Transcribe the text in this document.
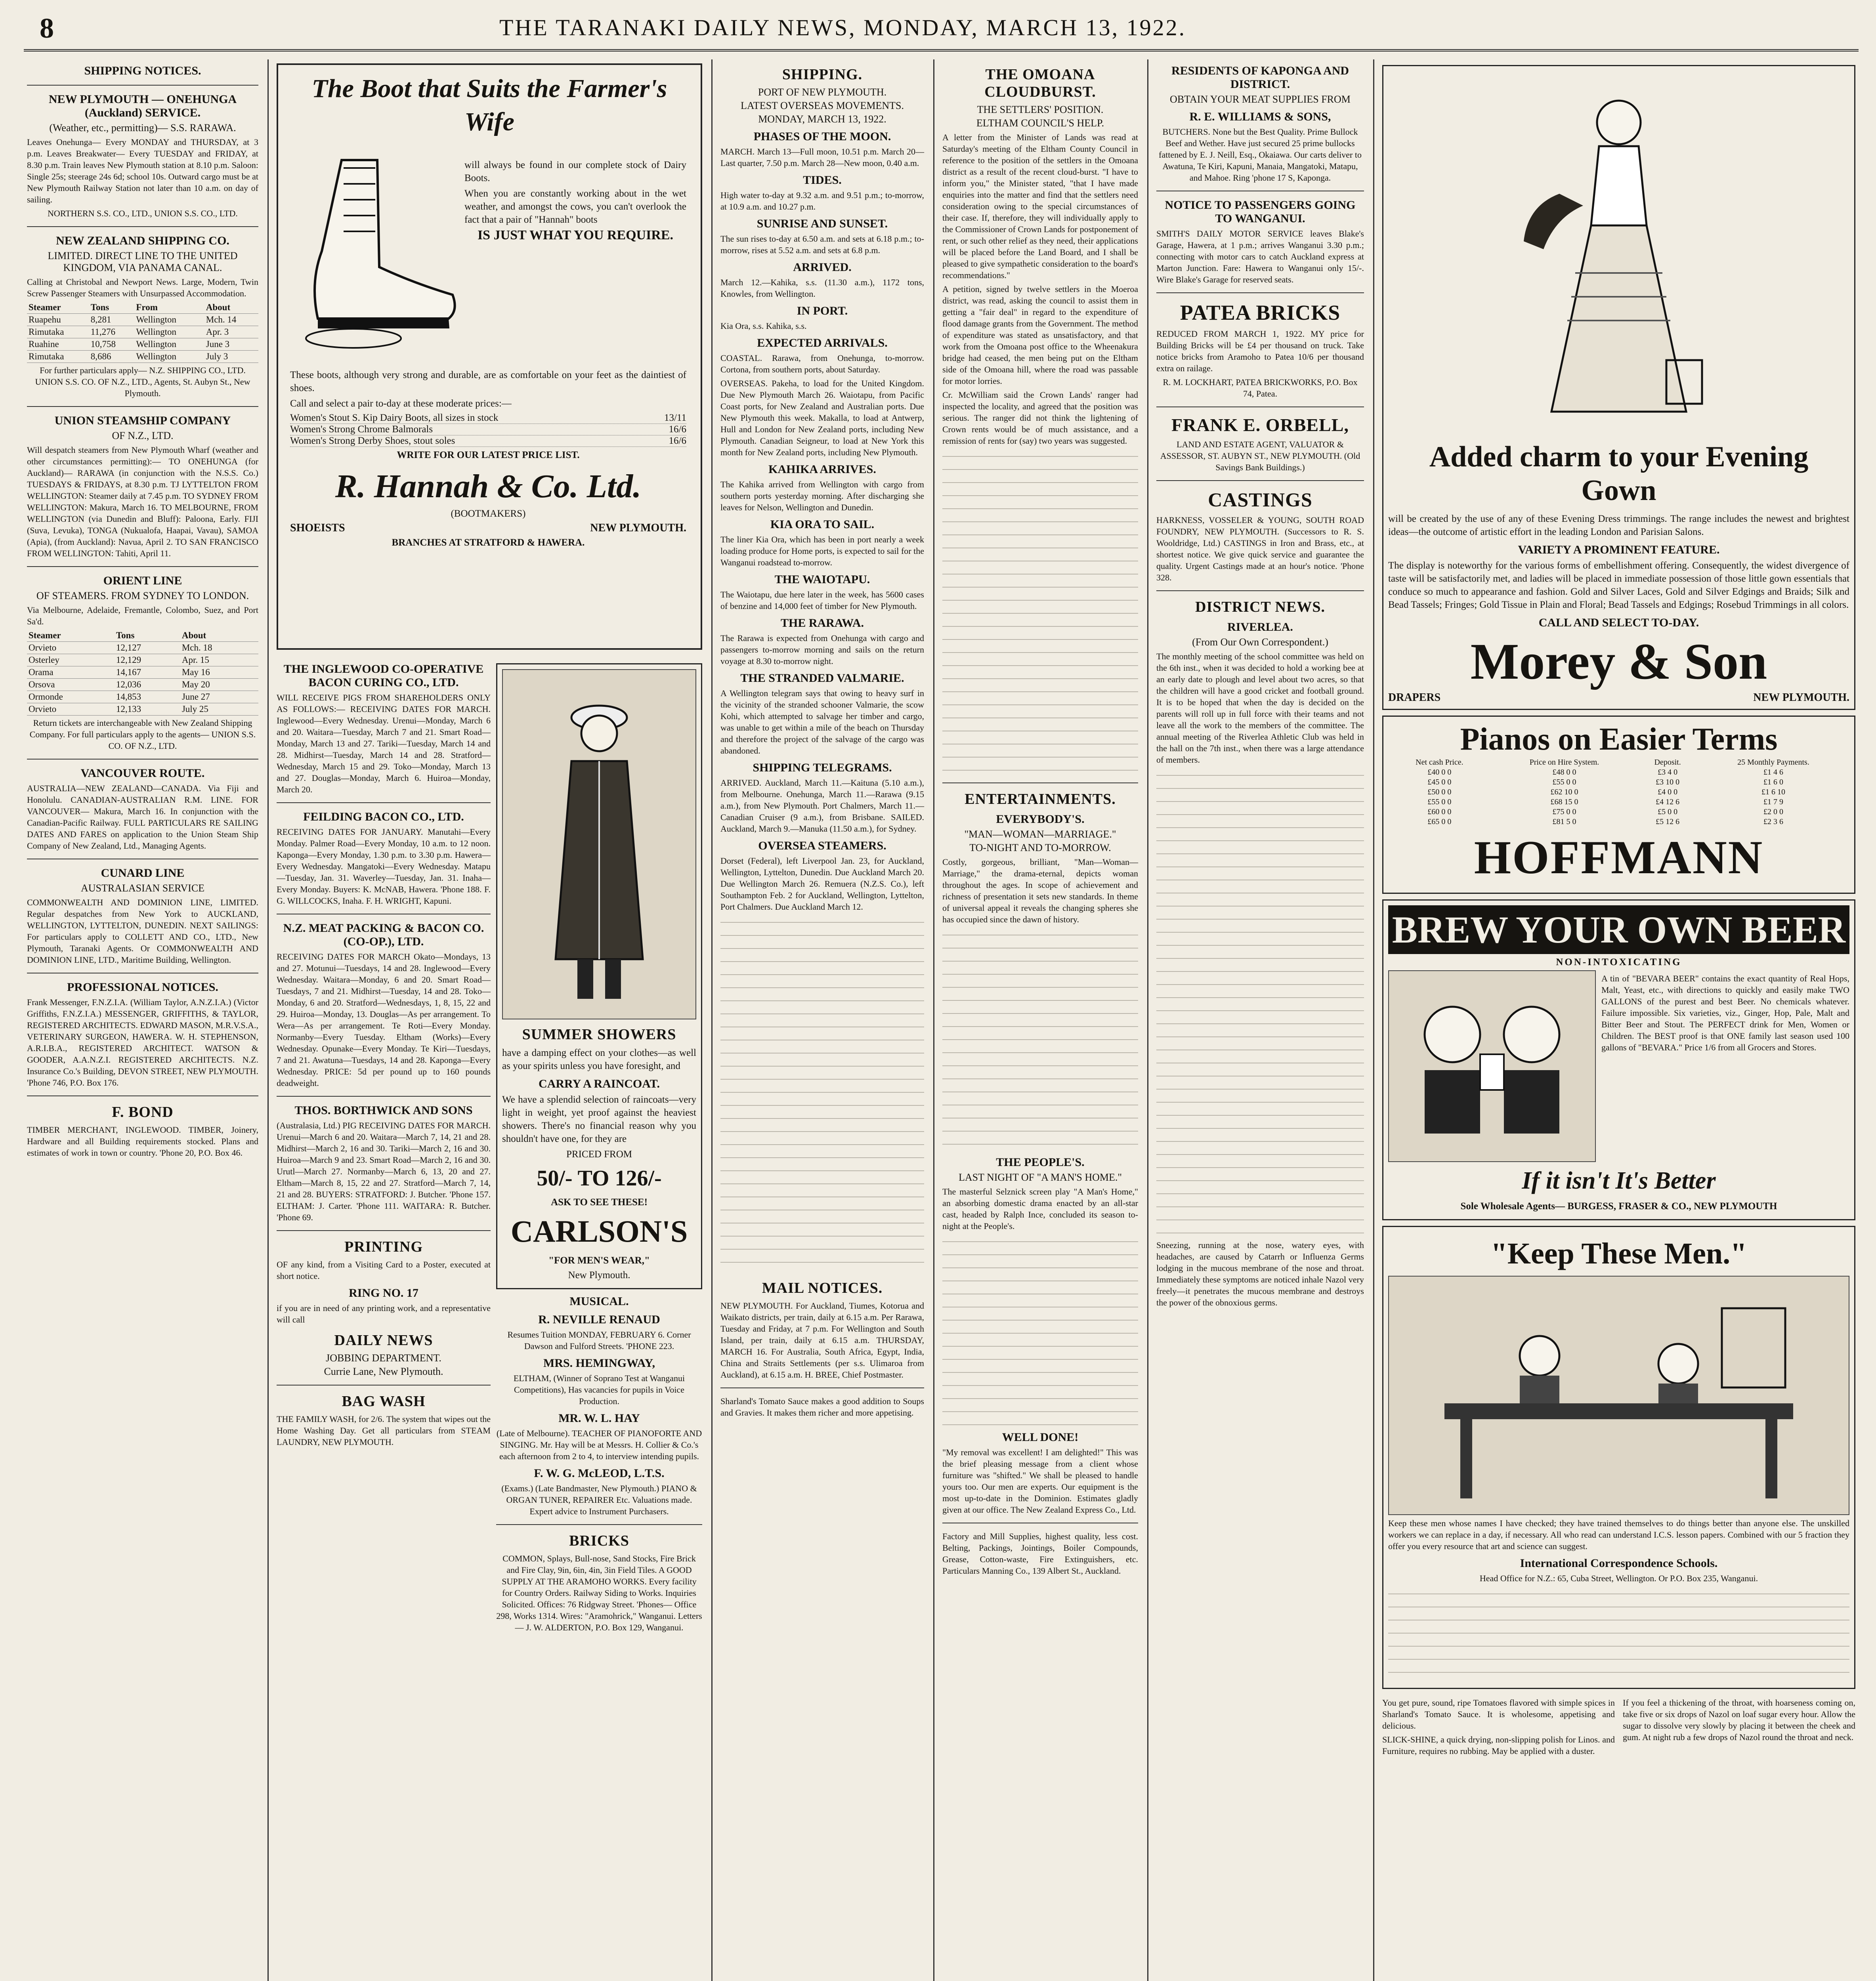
8	THE TARANAKI DAILY NEWS, MONDAY, MARCH 13, 1922.
SHIPPING NOTICES.
NEW PLYMOUTH — ONEHUNGA (Auckland) SERVICE.
(Weather, etc., permitting)— S.S. RARAWA.
Leaves Onehunga— Every MONDAY and THURSDAY, at 3 p.m. Leaves Breakwater— Every TUESDAY and FRIDAY, at 8.30 p.m. Train leaves New Plymouth station at 8.10 p.m. Saloon: Single 25s; steerage 24s 6d; school 10s. Outward cargo must be at New Plymouth Railway Station not later than 10 a.m. on day of sailing.
NORTHERN S.S. CO., LTD., UNION S.S. CO., LTD.
NEW ZEALAND SHIPPING CO.
LIMITED. DIRECT LINE TO THE UNITED KINGDOM, VIA PANAMA CANAL.
Calling at Christobal and Newport News. Large, Modern, Twin Screw Passenger Steamers with Unsurpassed Accommodation.
Steamer	Tons	From	About
Ruapehu	8,281	Wellington	Mch. 14
Rimutaka	11,276	Wellington	Apr. 3
Ruahine	10,758	Wellington	June 3
Rimutaka	8,686	Wellington	July 3
For further particulars apply— N.Z. SHIPPING CO., LTD. UNION S.S. CO. OF N.Z., LTD., Agents, St. Aubyn St., New Plymouth.
UNION STEAMSHIP COMPANY
OF N.Z., LTD.
Will despatch steamers from New Plymouth Wharf (weather and other circumstances permitting):— TO ONEHUNGA (for Auckland)— RARAWA (in conjunction with the N.S.S. Co.) TUESDAYS & FRIDAYS, at 8.30 p.m. TJ LYTTELTON FROM WELLINGTON: Steamer daily at 7.45 p.m. TO SYDNEY FROM WELLINGTON: Makura, March 16. TO MELBOURNE, FROM WELLINGTON (via Dunedin and Bluff): Paloona, Early. FIJI (Suva, Levuka), TONGA (Nukualofa, Haapai, Vavau), SAMOA (Apia), (from Auckland): Navua, April 2. TO SAN FRANCISCO FROM WELLINGTON: Tahiti, April 11.
ORIENT LINE
OF STEAMERS. FROM SYDNEY TO LONDON.
Via Melbourne, Adelaide, Fremantle, Colombo, Suez, and Port Sa'd.
Steamer	Tons	About
Orvieto	12,127	Mch. 18
Osterley	12,129	Apr. 15
Orama	14,167	May 16
Orsova	12,036	May 20
Ormonde	14,853	June 27
Orvieto	12,133	July 25
Return tickets are interchangeable with New Zealand Shipping Company. For full particulars apply to the agents— UNION S.S. CO. OF N.Z., LTD.
VANCOUVER ROUTE.
AUSTRALIA—NEW ZEALAND—CANADA. Via Fiji and Honolulu. CANADIAN-AUSTRALIAN R.M. LINE. FOR VANCOUVER— Makura, March 16. In conjunction with the Canadian-Pacific Railway. FULL PARTICULARS RE SAILING DATES AND FARES on application to the Union Steam Ship Company of New Zealand, Ltd., Managing Agents.
CUNARD LINE
AUSTRALASIAN SERVICE
COMMONWEALTH AND DOMINION LINE, LIMITED. Regular despatches from New York to AUCKLAND, WELLINGTON, LYTTELTON, DUNEDIN. NEXT SAILINGS: For particulars apply to COLLETT AND CO., LTD., New Plymouth, Taranaki Agents. Or COMMONWEALTH AND DOMINION LINE, LTD., Maritime Building, Wellington.
PROFESSIONAL NOTICES.
Frank Messenger, F.N.Z.I.A. (William Taylor, A.N.Z.I.A.) (Victor Griffiths, F.N.Z.I.A.) MESSENGER, GRIFFITHS, & TAYLOR, REGISTERED ARCHITECTS. EDWARD MASON, M.R.V.S.A., VETERINARY SURGEON, HAWERA. W. H. STEPHENSON, A.R.I.B.A., REGISTERED ARCHITECT. WATSON & GOODER, A.A.N.Z.I. REGISTERED ARCHITECTS. N.Z. Insurance Co.'s Building, DEVON STREET, NEW PLYMOUTH. 'Phone 746, P.O. Box 176.
F. BOND
TIMBER MERCHANT, INGLEWOOD. TIMBER, Joinery, Hardware and all Building requirements stocked. Plans and estimates of work in town or country. 'Phone 20, P.O. Box 46.
The Boot that Suits the Farmer's Wife
will always be found in our complete stock of Dairy Boots.
When you are constantly working about in the wet weather, and amongst the cows, you can't overlook the fact that a pair of "Hannah" boots
IS JUST WHAT YOU REQUIRE.
These boots, although very strong and durable, are as comfortable on your feet as the daintiest of shoes.
Call and select a pair to-day at these moderate prices:—
Women's Stout S. Kip Dairy Boots, all sizes in stock	13/11
Women's Strong Chrome Balmorals	16/6
Women's Strong Derby Shoes, stout soles	16/6
WRITE FOR OUR LATEST PRICE LIST.
R. Hannah & Co. Ltd.
(BOOTMAKERS)
SHOEISTS	NEW PLYMOUTH.
BRANCHES AT STRATFORD & HAWERA.
THE INGLEWOOD CO-OPERATIVE BACON CURING CO., LTD.
WILL RECEIVE PIGS FROM SHAREHOLDERS ONLY AS FOLLOWS:— RECEIVING DATES FOR MARCH. Inglewood—Every Wednesday. Urenui—Monday, March 6 and 20. Waitara—Tuesday, March 7 and 21. Smart Road—Monday, March 13 and 27. Tariki—Tuesday, March 14 and 28. Midhirst—Tuesday, March 14 and 28. Stratford—Wednesday, March 15 and 29. Toko—Monday, March 13 and 27. Douglas—Monday, March 6. Huiroa—Monday, March 20.
FEILDING BACON CO., LTD.
RECEIVING DATES FOR JANUARY. Manutahi—Every Monday. Palmer Road—Every Monday, 10 a.m. to 12 noon. Kaponga—Every Monday, 1.30 p.m. to 3.30 p.m. Hawera—Every Wednesday. Mangatoki—Every Wednesday. Matapu—Tuesday, Jan. 31. Waverley—Tuesday, Jan. 31. Inaha—Every Monday. Buyers: K. McNAB, Hawera. 'Phone 188. F. G. WILLCOCKS, Inaha. F. H. WRIGHT, Kapuni.
N.Z. MEAT PACKING & BACON CO. (CO-OP.), LTD.
RECEIVING DATES FOR MARCH Okato—Mondays, 13 and 27. Motunui—Tuesdays, 14 and 28. Inglewood—Every Wednesday. Waitara—Monday, 6 and 20. Smart Road—Tuesdays, 7 and 21. Midhirst—Tuesday, 14 and 28. Toko—Monday, 6 and 20. Stratford—Wednesdays, 1, 8, 15, 22 and 29. Huiroa—Monday, 13. Douglas—As per arrangement. To Wera—As per arrangement. Te Roti—Every Monday. Normanby—Every Tuesday. Eltham (Works)—Every Wednesday. Opunake—Every Monday. Te Kiri—Tuesdays, 7 and 21. Awatuna—Tuesdays, 14 and 28. Kaponga—Every Wednesday. PRICE: 5d per pound up to 160 pounds deadweight.
THOS. BORTHWICK AND SONS
(Australasia, Ltd.) PIG RECEIVING DATES FOR MARCH. Urenui—March 6 and 20. Waitara—March 7, 14, 21 and 28. Midhirst—March 2, 16 and 30. Tariki—March 2, 16 and 30. Huiroa—March 9 and 23. Smart Road—March 2, 16 and 30. Urutl—March 27. Normanby—March 6, 13, 20 and 27. Eltham—March 8, 15, 22 and 27. Stratford—March 7, 14, 21 and 28. BUYERS: STRATFORD: J. Butcher. 'Phone 157. ELTHAM: J. Carter. 'Phone 111. WAITARA: R. Butcher. 'Phone 69.
PRINTING
OF any kind, from a Visiting Card to a Poster, executed at short notice.
RING NO. 17
if you are in need of any printing work, and a representative will call
DAILY NEWS
JOBBING DEPARTMENT.
Currie Lane, New Plymouth.
BAG WASH
THE FAMILY WASH, for 2/6. The system that wipes out the Home Washing Day. Get all particulars from STEAM LAUNDRY, NEW PLYMOUTH.
SUMMER SHOWERS
have a damping effect on your clothes—as well as your spirits unless you have foresight, and
CARRY A RAINCOAT.
We have a splendid selection of raincoats—very light in weight, yet proof against the heaviest showers. There's no financial reason why you shouldn't have one, for they are
PRICED FROM
50/- TO 126/-
ASK TO SEE THESE!
CARLSON'S
"FOR MEN'S WEAR,"
New Plymouth.
MUSICAL.
R. NEVILLE RENAUD
Resumes Tuition MONDAY, FEBRUARY 6. Corner Dawson and Fulford Streets. 'PHONE 223.
MRS. HEMINGWAY,
ELTHAM, (Winner of Soprano Test at Wanganui Competitions), Has vacancies for pupils in Voice Production.
MR. W. L. HAY
(Late of Melbourne). TEACHER OF PIANOFORTE AND SINGING. Mr. Hay will be at Messrs. H. Collier & Co.'s each afternoon from 2 to 4, to interview intending pupils.
F. W. G. McLEOD, L.T.S.
(Exams.) (Late Bandmaster, New Plymouth.) PIANO & ORGAN TUNER, REPAIRER Etc. Valuations made. Expert advice to Instrument Purchasers.
BRICKS
COMMON, Splays, Bull-nose, Sand Stocks, Fire Brick and Fire Clay, 9in, 6in, 4in, 3in Field Tiles. A GOOD SUPPLY AT THE ARAMOHO WORKS. Every facility for Country Orders. Railway Siding to Works. Inquiries Solicited. Offices: 76 Ridgway Street. 'Phones— Office 298, Works 1314. Wires: "Aramohrick," Wanganui. Letters— J. W. ALDERTON, P.O. Box 129, Wanganui.
SHIPPING.
PORT OF NEW PLYMOUTH.
LATEST OVERSEAS MOVEMENTS.
MONDAY, MARCH 13, 1922.
PHASES OF THE MOON.
MARCH. March 13—Full moon, 10.51 p.m. March 20—Last quarter, 7.50 p.m. March 28—New moon, 0.40 a.m.
TIDES.
High water to-day at 9.32 a.m. and 9.51 p.m.; to-morrow, at 10.9 a.m. and 10.27 p.m.
SUNRISE AND SUNSET.
The sun rises to-day at 6.50 a.m. and sets at 6.18 p.m.; to-morrow, rises at 5.52 a.m. and sets at 6.8 p.m.
ARRIVED.
March 12.—Kahika, s.s. (11.30 a.m.), 1172 tons, Knowles, from Wellington.
IN PORT.
Kia Ora, s.s. Kahika, s.s.
EXPECTED ARRIVALS.
COASTAL. Rarawa, from Onehunga, to-morrow. Cortona, from southern ports, about Saturday.
OVERSEAS. Pakeha, to load for the United Kingdom. Due New Plymouth March 26. Waiotapu, from Pacific Coast ports, for New Zealand and Australian ports. Due New Plymouth this week. Makalla, to load at Antwerp, Hull and London for New Zealand ports, including New Plymouth. Canadian Seigneur, to load at New York this month for New Zealand ports, including New Plymouth.
KAHIKA ARRIVES.
The Kahika arrived from Wellington with cargo from southern ports yesterday morning. After discharging she leaves for Nelson, Wellington and Dunedin.
KIA ORA TO SAIL.
The liner Kia Ora, which has been in port nearly a week loading produce for Home ports, is expected to sail for the Wanganui roadstead to-morrow.
THE WAIOTAPU.
The Waiotapu, due here later in the week, has 5600 cases of benzine and 14,000 feet of timber for New Plymouth.
THE RARAWA.
The Rarawa is expected from Onehunga with cargo and passengers to-morrow morning and sails on the return voyage at 8.30 to-morrow night.
THE STRANDED VALMARIE.
A Wellington telegram says that owing to heavy surf in the vicinity of the stranded schooner Valmarie, the scow Kohi, which attempted to salvage her timber and cargo, was unable to get within a mile of the beach on Thursday and therefore the project of the salvage of the cargo was abandoned.
SHIPPING TELEGRAMS.
ARRIVED. Auckland, March 11.—Kaituna (5.10 a.m.), from Melbourne. Onehunga, March 11.—Rarawa (9.15 a.m.), from New Plymouth. Port Chalmers, March 11.—Canadian Cruiser (9 a.m.), from Brisbane. SAILED. Auckland, March 9.—Manuka (11.50 a.m.), for Sydney.
OVERSEA STEAMERS.
Dorset (Federal), left Liverpool Jan. 23, for Auckland, Wellington, Lyttelton, Dunedin. Due Auckland March 20. Due Wellington March 26. Remuera (N.Z.S. Co.), left Southampton Feb. 2 for Auckland, Wellington, Lyttelton, Port Chalmers. Due Auckland March 12.
MAIL NOTICES.
NEW PLYMOUTH. For Auckland, Tiumes, Kotorua and Waikato districts, per train, daily at 6.15 a.m. Per Rarawa, Tuesday and Friday, at 7 p.m. For Wellington and South Island, per train, daily at 6.15 a.m. THURSDAY, MARCH 16. For Australia, South Africa, Egypt, India, China and Straits Settlements (per s.s. Ulimaroa from Auckland), at 6.15 a.m. H. BREE, Chief Postmaster.
Sharland's Tomato Sauce makes a good addition to Soups and Gravies. It makes them richer and more appetising.
THE OMOANA CLOUDBURST.
THE SETTLERS' POSITION.
ELTHAM COUNCIL'S HELP.
A letter from the Minister of Lands was read at Saturday's meeting of the Eltham County Council in reference to the position of the settlers in the Omoana district as a result of the recent cloud-burst. "I have to inform you," the Minister stated, "that I have made enquiries into the matter and find that the settlers need consideration owing to the special circumstances of their case. If, therefore, they will individually apply to the Commissioner of Crown Lands for postponement of rent, or such other relief as they need, their applications will be placed before the Land Board, and I shall be pleased to give sympathetic consideration to the board's recommendations."
A petition, signed by twelve settlers in the Moeroa district, was read, asking the council to assist them in getting a "fair deal" in regard to the expenditure of flood damage grants from the Government. The method of expenditure was stated as unsatisfactory, and that work from the Omoana post office to the Wheenakura bridge had ceased, the men being put on the Eltham side of the Omoana hill, where the road was passable for motor lorries.
Cr. McWilliam said the Crown Lands' ranger had inspected the locality, and agreed that the position was serious. The ranger did not think the lightening of Crown rents would be of much assistance, and a remission of rents for (say) two years was suggested.
ENTERTAINMENTS.
EVERYBODY'S.
"MAN—WOMAN—MARRIAGE."
TO-NIGHT AND TO-MORROW.
Costly, gorgeous, brilliant, "Man—Woman—Marriage," the drama-eternal, depicts woman throughout the ages. In scope of achievement and richness of presentation it sets new standards. In theme of universal appeal it reveals the changing spheres she has occupied since the dawn of history.
THE PEOPLE'S.
LAST NIGHT OF "A MAN'S HOME."
The masterful Selznick screen play "A Man's Home," an absorbing domestic drama enacted by an all-star cast, headed by Ralph Ince, concluded its season to-night at the People's.
WELL DONE!
"My removal was excellent! I am delighted!" This was the brief pleasing message from a client whose furniture was "shifted." We shall be pleased to handle yours too. Our men are experts. Our equipment is the most up-to-date in the Dominion. Estimates gladly given at our office. The New Zealand Express Co., Ltd.
Factory and Mill Supplies, highest quality, less cost. Belting, Packings, Jointings, Boiler Compounds, Grease, Cotton-waste, Fire Extinguishers, etc. Particulars Manning Co., 139 Albert St., Auckland.
RESIDENTS OF KAPONGA AND DISTRICT.
OBTAIN YOUR MEAT SUPPLIES FROM
R. E. WILLIAMS & SONS,
BUTCHERS. None but the Best Quality. Prime Bullock Beef and Wether. Have just secured 25 prime bullocks fattened by E. J. Neill, Esq., Okaiawa. Our carts deliver to Awatuna, Te Kiri, Kapuni, Manaia, Mangatoki, Matapu, and Mahoe. Ring 'phone 17 S, Kaponga.
NOTICE TO PASSENGERS GOING TO WANGANUI.
SMITH'S DAILY MOTOR SERVICE leaves Blake's Garage, Hawera, at 1 p.m.; arrives Wanganui 3.30 p.m.; connecting with motor cars to catch Auckland express at Marton Junction. Fare: Hawera to Wanganui only 15/-. Wire Blake's Garage for reserved seats.
PATEA BRICKS
REDUCED FROM MARCH 1, 1922. MY price for Building Bricks will be £4 per thousand on truck. Take notice bricks from Aramoho to Patea 10/6 per thousand extra on railage.
R. M. LOCKHART, PATEA BRICKWORKS, P.O. Box 74, Patea.
FRANK E. ORBELL,
LAND AND ESTATE AGENT, VALUATOR & ASSESSOR, ST. AUBYN ST., NEW PLYMOUTH. (Old Savings Bank Buildings.)
CASTINGS
HARKNESS, VOSSELER & YOUNG, SOUTH ROAD FOUNDRY, NEW PLYMOUTH. (Successors to R. S. Wooldridge, Ltd.) CASTINGS in Iron and Brass, etc., at shortest notice. We give quick service and guarantee the quality. Urgent Castings made at an hour's notice. 'Phone 328.
DISTRICT NEWS.
RIVERLEA.
(From Our Own Correspondent.)
The monthly meeting of the school committee was held on the 6th inst., when it was decided to hold a working bee at an early date to plough and level about two acres, so that the children will have a good cricket and football ground. It is to be hoped that when the day is decided on the parents will roll up in full force with their teams and not leave all the work to the members of the committee. The annual meeting of the Riverlea Athletic Club was held in the hall on the 7th inst., when there was a large attendance of members.
Sneezing, running at the nose, watery eyes, with headaches, are caused by Catarrh or Influenza Germs lodging in the mucous membrane of the nose and throat. Immediately these symptoms are noticed inhale Nazol very freely—it penetrates the mucous membrane and destroys the power of the obnoxious germs.
Added charm to your Evening Gown
will be created by the use of any of these Evening Dress trimmings. The range includes the newest and brightest ideas—the outcome of artistic effort in the leading London and Parisian Salons.
VARIETY A PROMINENT FEATURE.
The display is noteworthy for the various forms of embellishment offering. Consequently, the widest divergence of taste will be satisfactorily met, and ladies will be placed in immediate possession of those little gown essentials that conduce so much to appearance and fashion. Gold and Silver Laces, Gold and Silver Edgings and Braids; Silk and Bead Tassels; Fringes; Gold Tissue in Plain and Floral; Bead Tassels and Edgings; Rosebud Trimmings in all colors.
CALL AND SELECT TO-DAY.
Morey & Son
DRAPERS	NEW PLYMOUTH.
Pianos on Easier Terms
Net cash Price.	Price on Hire System.	Deposit.	25 Monthly Payments.
£40 0 0	£48 0 0	£3 4 0	£1 4 6
£45 0 0	£55 0 0	£3 10 0	£1 6 0
£50 0 0	£62 10 0	£4 0 0	£1 6 10
£55 0 0	£68 15 0	£4 12 6	£1 7 9
£60 0 0	£75 0 0	£5 0 0	£2 0 0
£65 0 0	£81 5 0	£5 12 6	£2 3 6
HOFFMANN
BREW YOUR OWN BEER
NON-INTOXICATING
A tin of "BEVARA BEER" contains the exact quantity of Real Hops, Malt, Yeast, etc., with directions to quickly and easily make TWO GALLONS of the purest and best Beer. No chemicals whatever. Failure impossible. Six varieties, viz., Ginger, Hop, Pale, Malt and Bitter Beer and Stout. The PERFECT drink for Men, Women or Children. The BEST proof is that ONE family last season used 100 gallons of "BEVARA." Price 1/6 from all Grocers and Stores.
If it isn't It's Better
Sole Wholesale Agents— BURGESS, FRASER & CO., NEW PLYMOUTH
"Keep These Men."
Keep these men whose names I have checked; they have trained themselves to do things better than anyone else. The unskilled workers we can replace in a day, if necessary. All who read can understand I.C.S. lesson papers. Combined with our 5 fraction they offer you every resource that art and science can suggest.
International Correspondence Schools.
Head Office for N.Z.: 65, Cuba Street, Wellington. Or P.O. Box 235, Wanganui.
You get pure, sound, ripe Tomatoes flavored with simple spices in Sharland's Tomato Sauce. It is wholesome, appetising and delicious.
SLICK-SHINE, a quick drying, non-slipping polish for Linos. and Furniture, requires no rubbing. May be applied with a duster.
If you feel a thickening of the throat, with hoarseness coming on, take five or six drops of Nazol on loaf sugar every hour. Allow the sugar to dissolve very slowly by placing it between the cheek and gum. At night rub a few drops of Nazol round the throat and neck.
